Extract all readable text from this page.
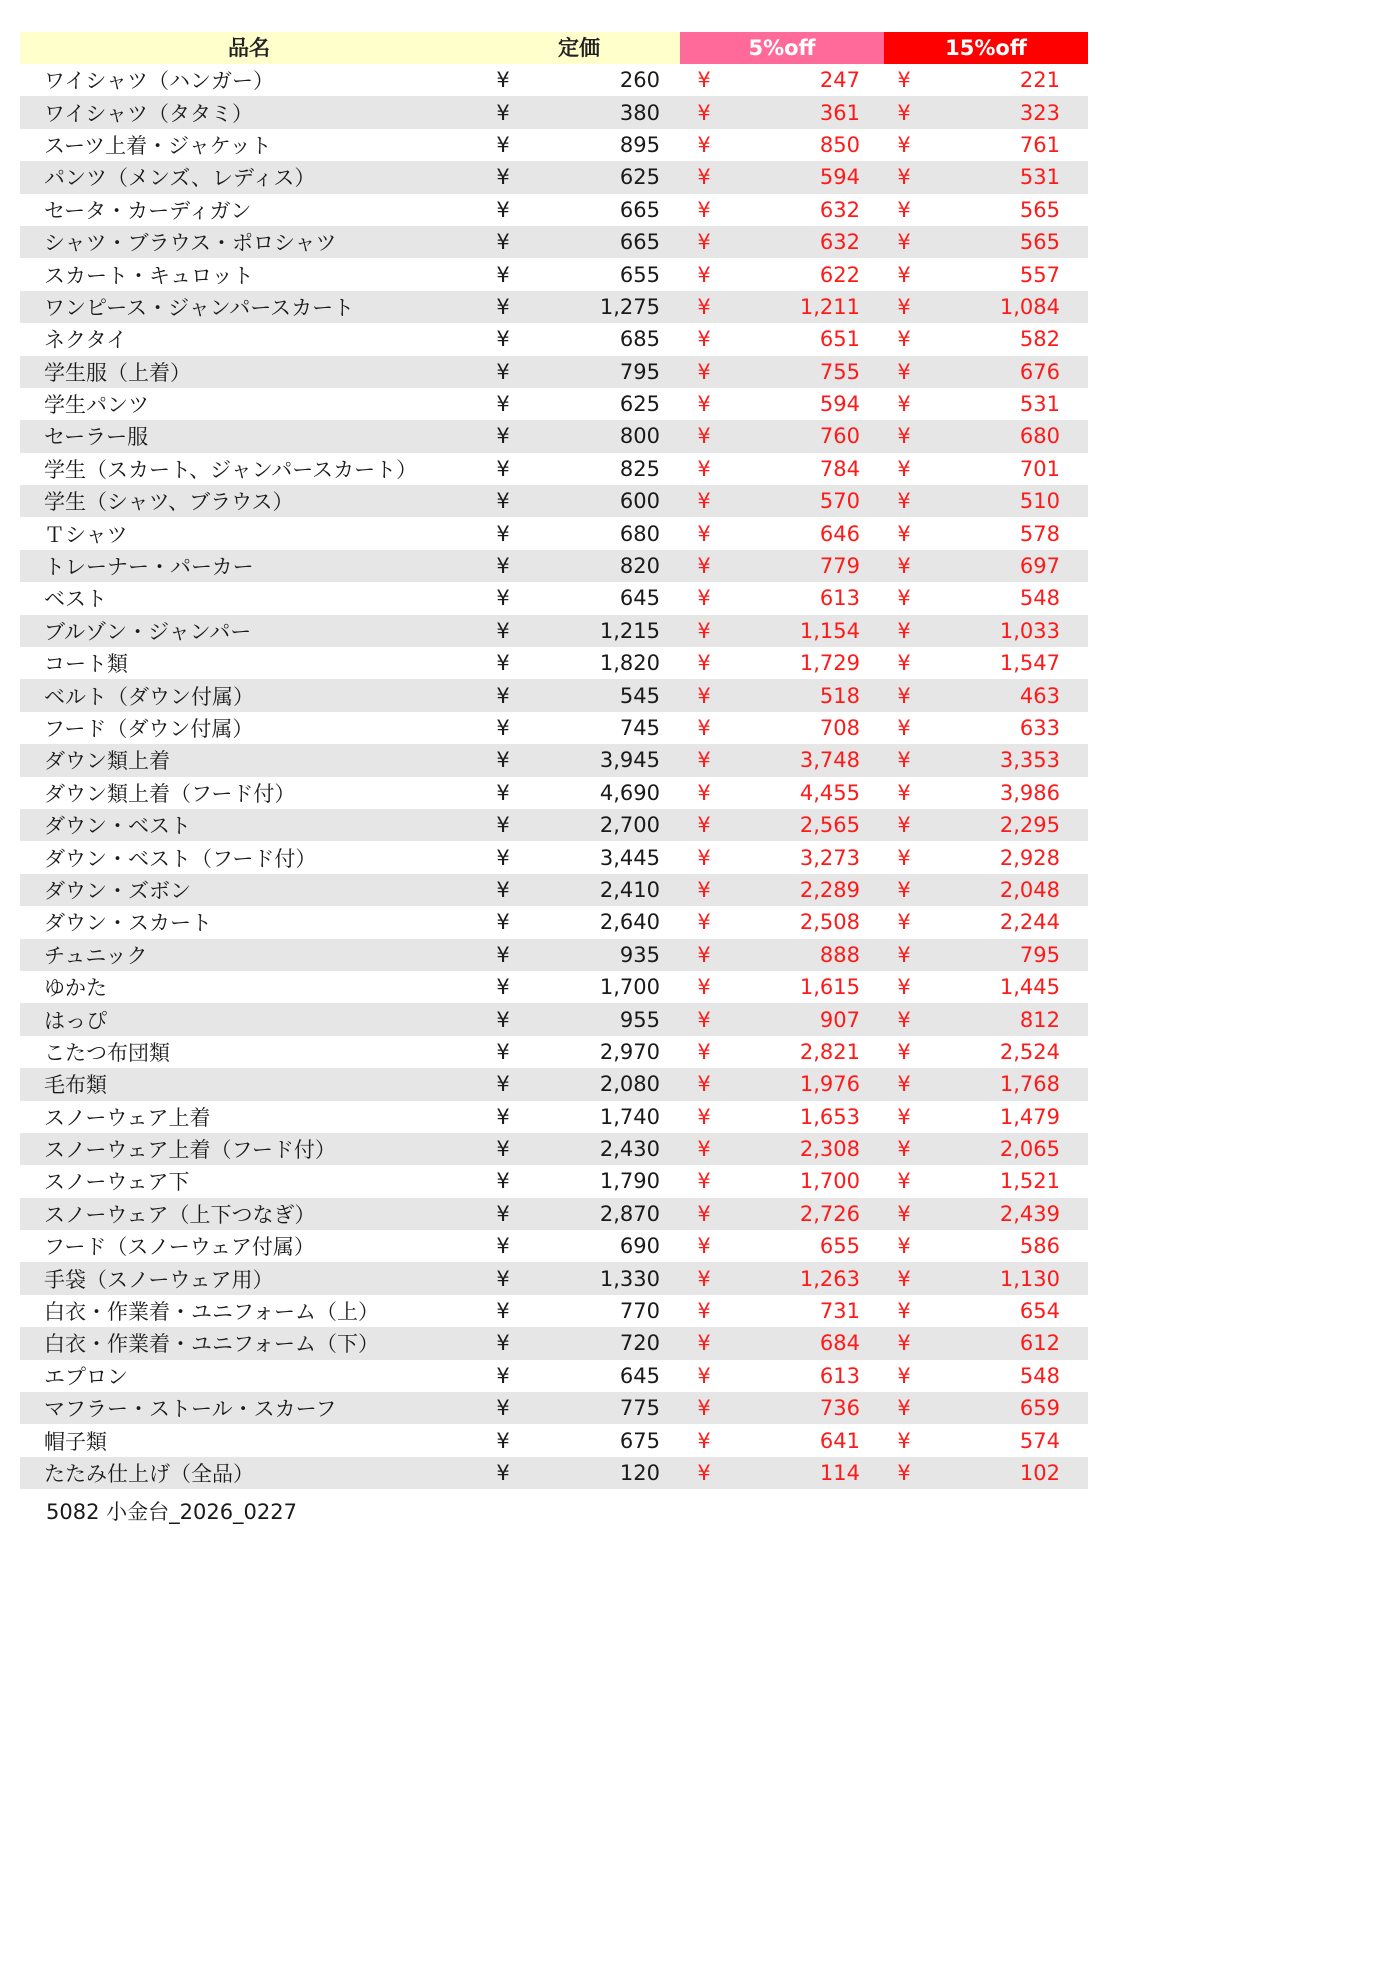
品名	定価	5%off	15%off
ワイシャツ（ハンガー）	¥	260	¥	247	¥	221
ワイシャツ（タタミ）	¥	380	¥	361	¥	323
スーツ上着・ジャケット	¥	895	¥	850	¥	761
パンツ（メンズ、レディス）	¥	625	¥	594	¥	531
セータ・カーディガン	¥	665	¥	632	¥	565
シャツ・ブラウス・ポロシャツ	¥	665	¥	632	¥	565
スカート・キュロット	¥	655	¥	622	¥	557
ワンピース・ジャンパースカート	¥	1,275	¥	1,211	¥	1,084
ネクタイ	¥	685	¥	651	¥	582
学生服（上着）	¥	795	¥	755	¥	676
学生パンツ	¥	625	¥	594	¥	531
セーラー服	¥	800	¥	760	¥	680
学生（スカート、ジャンパースカート）	¥	825	¥	784	¥	701
学生（シャツ、ブラウス）	¥	600	¥	570	¥	510
Ｔシャツ	¥	680	¥	646	¥	578
トレーナー・パーカー	¥	820	¥	779	¥	697
ベスト	¥	645	¥	613	¥	548
ブルゾン・ジャンパー	¥	1,215	¥	1,154	¥	1,033
コート類	¥	1,820	¥	1,729	¥	1,547
ベルト（ダウン付属）	¥	545	¥	518	¥	463
フード（ダウン付属）	¥	745	¥	708	¥	633
ダウン類上着	¥	3,945	¥	3,748	¥	3,353
ダウン類上着（フード付）	¥	4,690	¥	4,455	¥	3,986
ダウン・ベスト	¥	2,700	¥	2,565	¥	2,295
ダウン・ベスト（フード付）	¥	3,445	¥	3,273	¥	2,928
ダウン・ズボン	¥	2,410	¥	2,289	¥	2,048
ダウン・スカート	¥	2,640	¥	2,508	¥	2,244
チュニック	¥	935	¥	888	¥	795
ゆかた	¥	1,700	¥	1,615	¥	1,445
はっぴ	¥	955	¥	907	¥	812
こたつ布団類	¥	2,970	¥	2,821	¥	2,524
毛布類	¥	2,080	¥	1,976	¥	1,768
スノーウェア上着	¥	1,740	¥	1,653	¥	1,479
スノーウェア上着（フード付）	¥	2,430	¥	2,308	¥	2,065
スノーウェア下	¥	1,790	¥	1,700	¥	1,521
スノーウェア（上下つなぎ）	¥	2,870	¥	2,726	¥	2,439
フード（スノーウェア付属）	¥	690	¥	655	¥	586
手袋（スノーウェア用）	¥	1,330	¥	1,263	¥	1,130
白衣・作業着・ユニフォーム（上）	¥	770	¥	731	¥	654
白衣・作業着・ユニフォーム（下）	¥	720	¥	684	¥	612
エプロン	¥	645	¥	613	¥	548
マフラー・ストール・スカーフ	¥	775	¥	736	¥	659
帽子類	¥	675	¥	641	¥	574
たたみ仕上げ（全品）	¥	120	¥	114	¥	102
5082 小金台_2026_0227
